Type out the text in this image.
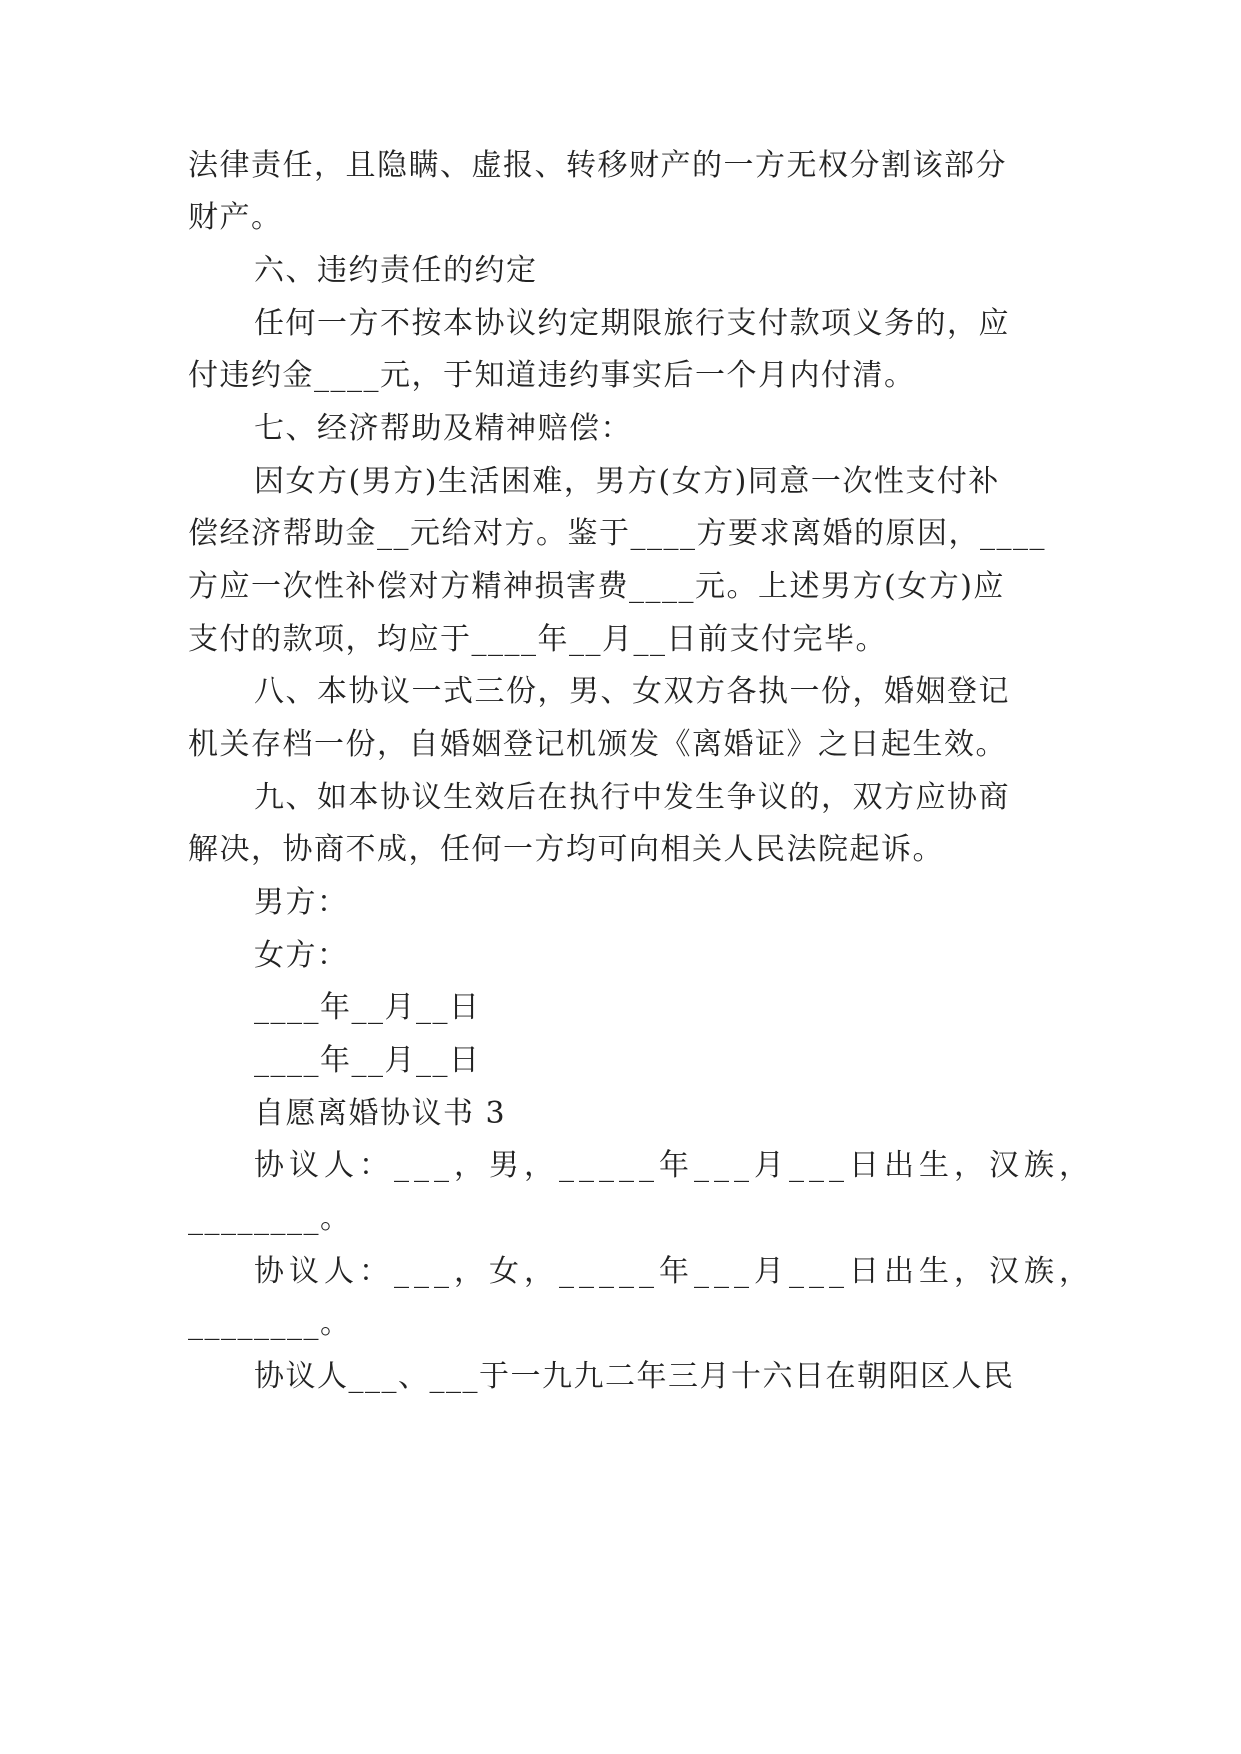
法律责任，且隐瞒、虚报、转移财产的一方无权分割该部分
财产。
六、违约责任的约定
任何一方不按本协议约定期限旅行支付款项义务的，应
付违约金____元，于知道违约事实后一个月内付清。
七、经济帮助及精神赔偿：
因女方(男方)生活困难，男方(女方)同意一次性支付补
偿经济帮助金__元给对方。鉴于____方要求离婚的原因，____
方应一次性补偿对方精神损害费____元。上述男方(女方)应
支付的款项，均应于____年__月__日前支付完毕。
八、本协议一式三份，男、女双方各执一份，婚姻登记
机关存档一份，自婚姻登记机颁发《离婚证》之日起生效。
九、如本协议生效后在执行中发生争议的，双方应协商
解决，协商不成，任何一方均可向相关人民法院起诉。
男方：
女方：
____年__月__日
____年__月__日
自愿离婚协议书 3
协议人：___，男，_____年___月___日出生，汉族，
________。
协议人：___，女，_____年___月___日出生，汉族，
________。
协议人___、___于一九九二年三月十六日在朝阳区人民
